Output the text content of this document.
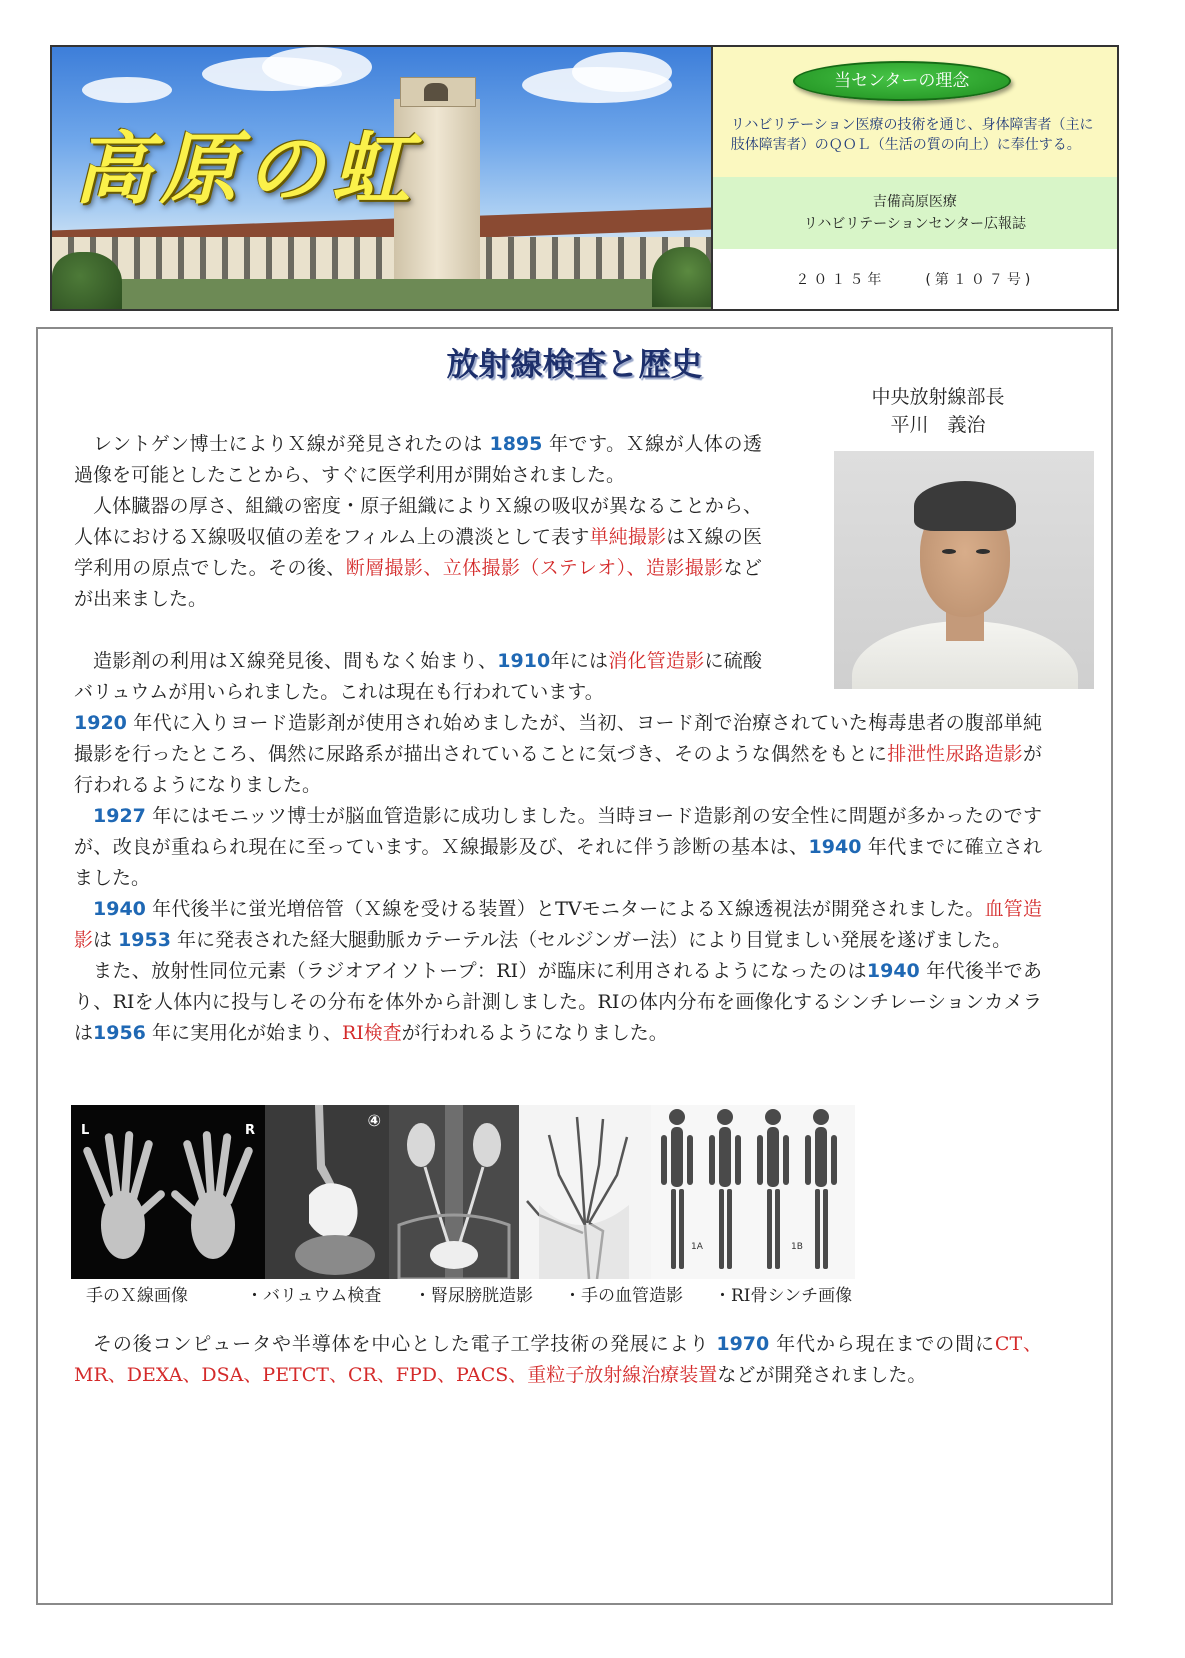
高原の虹
当センターの理念

リハビリテーション医療の技術を通じ、身体障害者（主に肢体障害者）のＱＯＬ（生活の質の向上）に奉仕する。

吉備高原医療
リハビリテーションセンター広報誌
２０１５年	(第１０７号)
放射線検査と歴史
中央放射線部長
平川　義治

レントゲン博士によりＸ線が発見されたのは 1895 年です。Ｘ線が人体の透過像を可能としたことから、すぐに医学利用が開始されました。

人体臓器の厚さ、組織の密度・原子組織によりＸ線の吸収が異なることから、人体におけるＸ線吸収値の差をフィルム上の濃淡として表す単純撮影はＸ線の医学利用の原点でした。その後、断層撮影、立体撮影（ステレオ）、造影撮影などが出来ました。

造影剤の利用はＸ線発見後、間もなく始まり、1910年には消化管造影に硫酸バリュウムが用いられました。これは現在も行われています。

1920 年代に入りヨード造影剤が使用され始めましたが、当初、ヨード剤で治療されていた梅毒患者の腹部単純撮影を行ったところ、偶然に尿路系が描出されていることに気づき、そのような偶然をもとに排泄性尿路造影が行われるようになりました。

1927 年にはモニッツ博士が脳血管造影に成功しました。当時ヨード造影剤の安全性に問題が多かったのですが、改良が重ねられ現在に至っています。Ｘ線撮影及び、それに伴う診断の基本は、1940 年代までに確立されました。

1940 年代後半に蛍光増倍管（Ｘ線を受ける装置）とTVモニターによるＸ線透視法が開発されました。血管造影は 1953 年に発表された経大腿動脈カテーテル法（セルジンガー法）により目覚ましい発展を遂げました。

また、放射性同位元素（ラジオアイソトープ：RI）が臨床に利用されるようになったのは1940 年代後半であり、RIを人体内に投与しその分布を体外から計測しました。RIの体内分布を画像化するシンチレーションカメラは1956 年に実用化が始まり、RI検査が行われるようになりました。

L	R
④
1A	1B
手のＸ線画像	・バリュウム検査	・腎尿膀胱造影	・手の血管造影	・RI骨シンチ画像

その後コンピュータや半導体を中心とした電子工学技術の発展により 1970 年代から現在までの間にCT、MR、DEXA、DSA、PETCT、CR、FPD、PACS、重粒子放射線治療装置などが開発されました。
